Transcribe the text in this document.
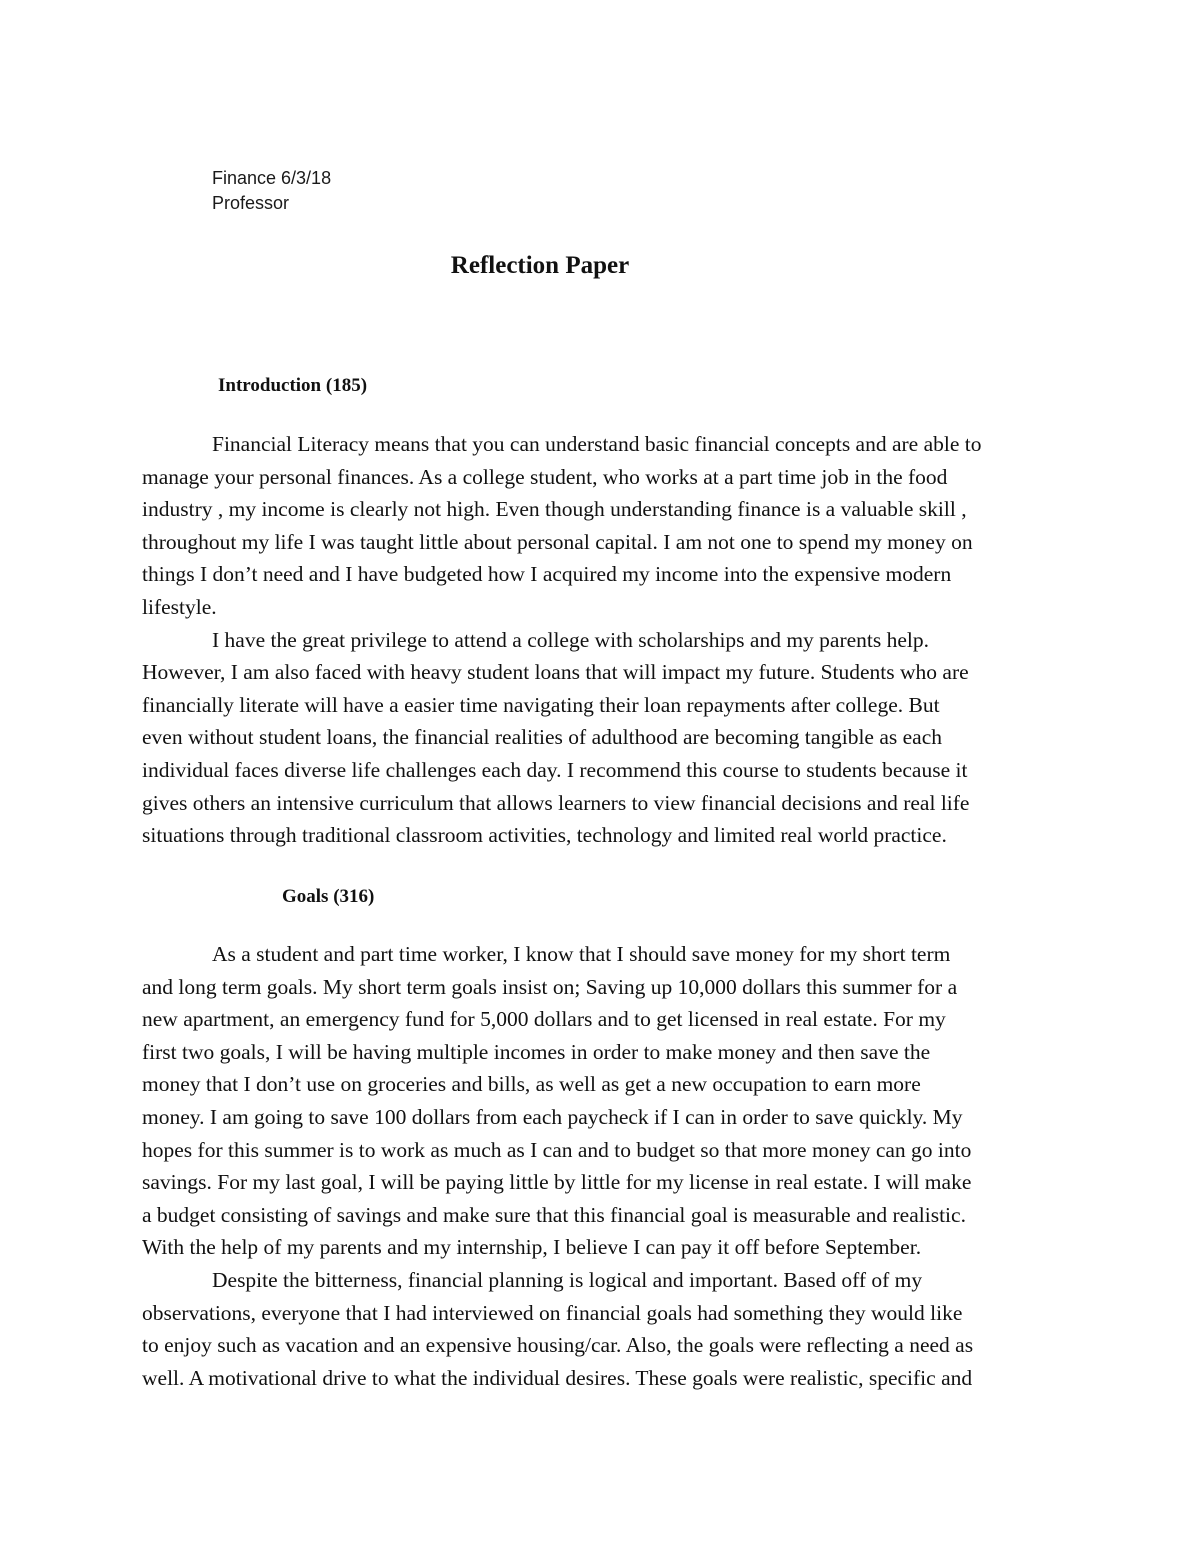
Finance 6/3/18
Professor
Reflection Paper
Introduction (185)
Financial Literacy means that you can understand basic financial concepts and are able to
manage your personal finances. As a college student, who works at a part time job in the food
industry , my income is clearly not high. Even though understanding finance is a valuable skill ,
throughout my life I was taught little about personal capital. I am not one to spend my money on
things I don’t need and I have budgeted how I acquired my income into the expensive modern
lifestyle.
I have the great privilege to attend a college with scholarships and my parents help.
However, I am also faced with heavy student loans that will impact my future. Students who are
financially literate will have a easier time navigating their loan repayments after college. But
even without student loans, the financial realities of adulthood are becoming tangible as each
individual faces diverse life challenges each day. I recommend this course to students because it
gives others an intensive curriculum that allows learners to view financial decisions and real life
situations through traditional classroom activities, technology and limited real world practice.
Goals (316)
As a student and part time worker, I know that I should save money for my short term
and long term goals. My short term goals insist on; Saving up 10,000 dollars this summer for a
new apartment, an emergency fund for 5,000 dollars and to get licensed in real estate. For my
first two goals, I will be having multiple incomes in order to make money and then save the
money that I don’t use on groceries and bills, as well as get a new occupation to earn more
money. I am going to save 100 dollars from each paycheck if I can in order to save quickly. My
hopes for this summer is to work as much as I can and to budget so that more money can go into
savings. For my last goal, I will be paying little by little for my license in real estate. I will make
a budget consisting of savings and make sure that this financial goal is measurable and realistic.
With the help of my parents and my internship, I believe I can pay it off before September.
Despite the bitterness, financial planning is logical and important. Based off of my
observations, everyone that I had interviewed on financial goals had something they would like
to enjoy such as vacation and an expensive housing/car. Also, the goals were reflecting a need as
well. A motivational drive to what the individual desires. These goals were realistic, specific and
